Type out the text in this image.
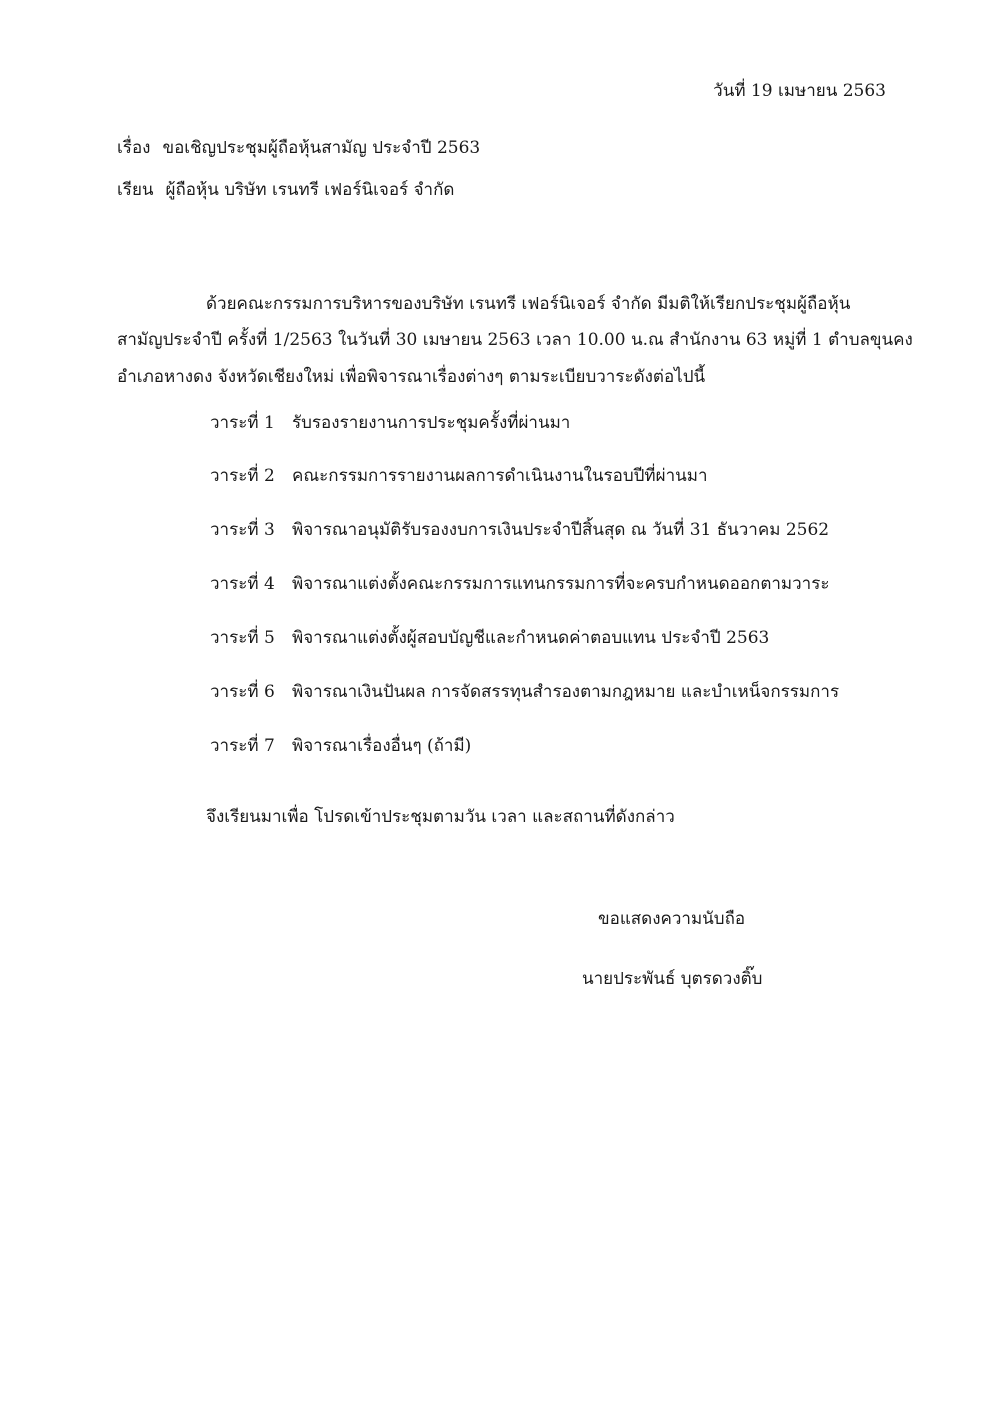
วันที่ 19 เมษายน 2563
เรื่อง ขอเชิญประชุมผู้ถือหุ้นสามัญ ประจำปี 2563
เรียน ผู้ถือหุ้น บริษัท เรนทรี เฟอร์นิเจอร์ จำกัด
ด้วยคณะกรรมการบริหารของบริษัท เรนทรี เฟอร์นิเจอร์ จำกัด มีมติให้เรียกประชุมผู้ถือหุ้น
สามัญประจำปี ครั้งที่ 1/2563 ในวันที่ 30 เมษายน 2563 เวลา 10.00 น.ณ สำนักงาน 63 หมู่ที่ 1 ตำบลขุนคง
อำเภอหางดง จังหวัดเชียงใหม่ เพื่อพิจารณาเรื่องต่างๆ ตามระเบียบวาระดังต่อไปนี้
วาระที่ 1 รับรองรายงานการประชุมครั้งที่ผ่านมา
วาระที่ 2 คณะกรรมการรายงานผลการดำเนินงานในรอบปีที่ผ่านมา
วาระที่ 3 พิจารณาอนุมัติรับรองงบการเงินประจำปีสิ้นสุด ณ วันที่ 31 ธันวาคม 2562
วาระที่ 4 พิจารณาแต่งตั้งคณะกรรมการแทนกรรมการที่จะครบกำหนดออกตามวาระ
วาระที่ 5 พิจารณาแต่งตั้งผู้สอบบัญชีและกำหนดค่าตอบแทน ประจำปี 2563
วาระที่ 6 พิจารณาเงินปันผล การจัดสรรทุนสำรองตามกฎหมาย และบำเหน็จกรรมการ
วาระที่ 7 พิจารณาเรื่องอื่นๆ (ถ้ามี)
จึงเรียนมาเพื่อ โปรดเข้าประชุมตามวัน เวลา และสถานที่ดังกล่าว
ขอแสดงความนับถือ
นายประพันธ์ บุตรดวงติ๊บ
